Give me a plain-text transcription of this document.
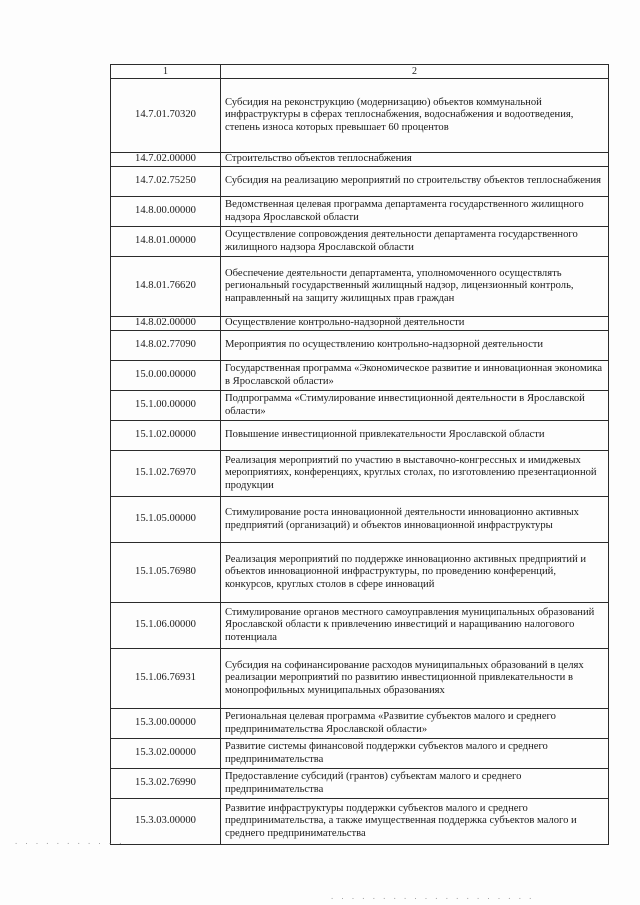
1	2
14.7.01.70320	Субсидия на реконструкцию (модернизацию) объектов коммунальной инфраструктуры в сферах теплоснабжения, водоснабжения и водоотведения, степень износа которых превышает 60 процентов
14.7.02.00000	Строительство объектов теплоснабжения
14.7.02.75250	Субсидия на реализацию мероприятий по строительству объектов теплоснабжения
14.8.00.00000	Ведомственная целевая программа департамента государственного жилищного надзора Ярославской области
14.8.01.00000	Осуществление сопровождения деятельности департамента государственного жилищного надзора Ярославской области
14.8.01.76620	Обеспечение деятельности департамента, уполномоченного осуществлять региональный государственный жилищный надзор, лицензионный контроль, направленный на защиту жилищных прав граждан
14.8.02.00000	Осуществление контрольно-надзорной деятельности
14.8.02.77090	Мероприятия по осуществлению контрольно-надзорной деятельности
15.0.00.00000	Государственная программа «Экономическое развитие и инновационная экономика в Ярославской области»
15.1.00.00000	Подпрограмма «Стимулирование инвестиционной деятельности в Ярославской области»
15.1.02.00000	Повышение инвестиционной привлекательности Ярославской области
15.1.02.76970	Реализация мероприятий по участию в выставочно-конгрессных и имиджевых мероприятиях, конференциях, круглых столах, по изготовлению презентационной продукции
15.1.05.00000	Стимулирование роста инновационной деятельности инновационно активных предприятий (организаций) и объектов инновационной инфраструктуры
15.1.05.76980	Реализация мероприятий по поддержке инновационно активных предприятий и объектов инновационной инфраструктуры, по проведению конференций, конкурсов, круглых столов в сфере инноваций
15.1.06.00000	Стимулирование органов местного самоуправления муниципальных образований Ярославской области к привлечению инвестиций и наращиванию налогового потенциала
15.1.06.76931	Субсидия на софинансирование расходов муниципальных образований в целях реализации мероприятий по развитию инвестиционной привлекательности в монопрофильных муниципальных образованиях
15.3.00.00000	Региональная целевая программа «Развитие субъектов малого и среднего предпринимательства Ярославской области»
15.3.02.00000	Развитие системы финансовой поддержки субъектов малого и среднего предпринимательства
15.3.02.76990	Предоставление субсидий (грантов) субъектам малого и среднего предпринимательства
15.3.03.00000	Развитие инфраструктуры поддержки субъектов малого и среднего предпринимательства, а также имущественная поддержка субъектов малого и среднего предпринимательства
. . . . . . . . . . .
. . . . . . . . . . . . . . . . . . . .
